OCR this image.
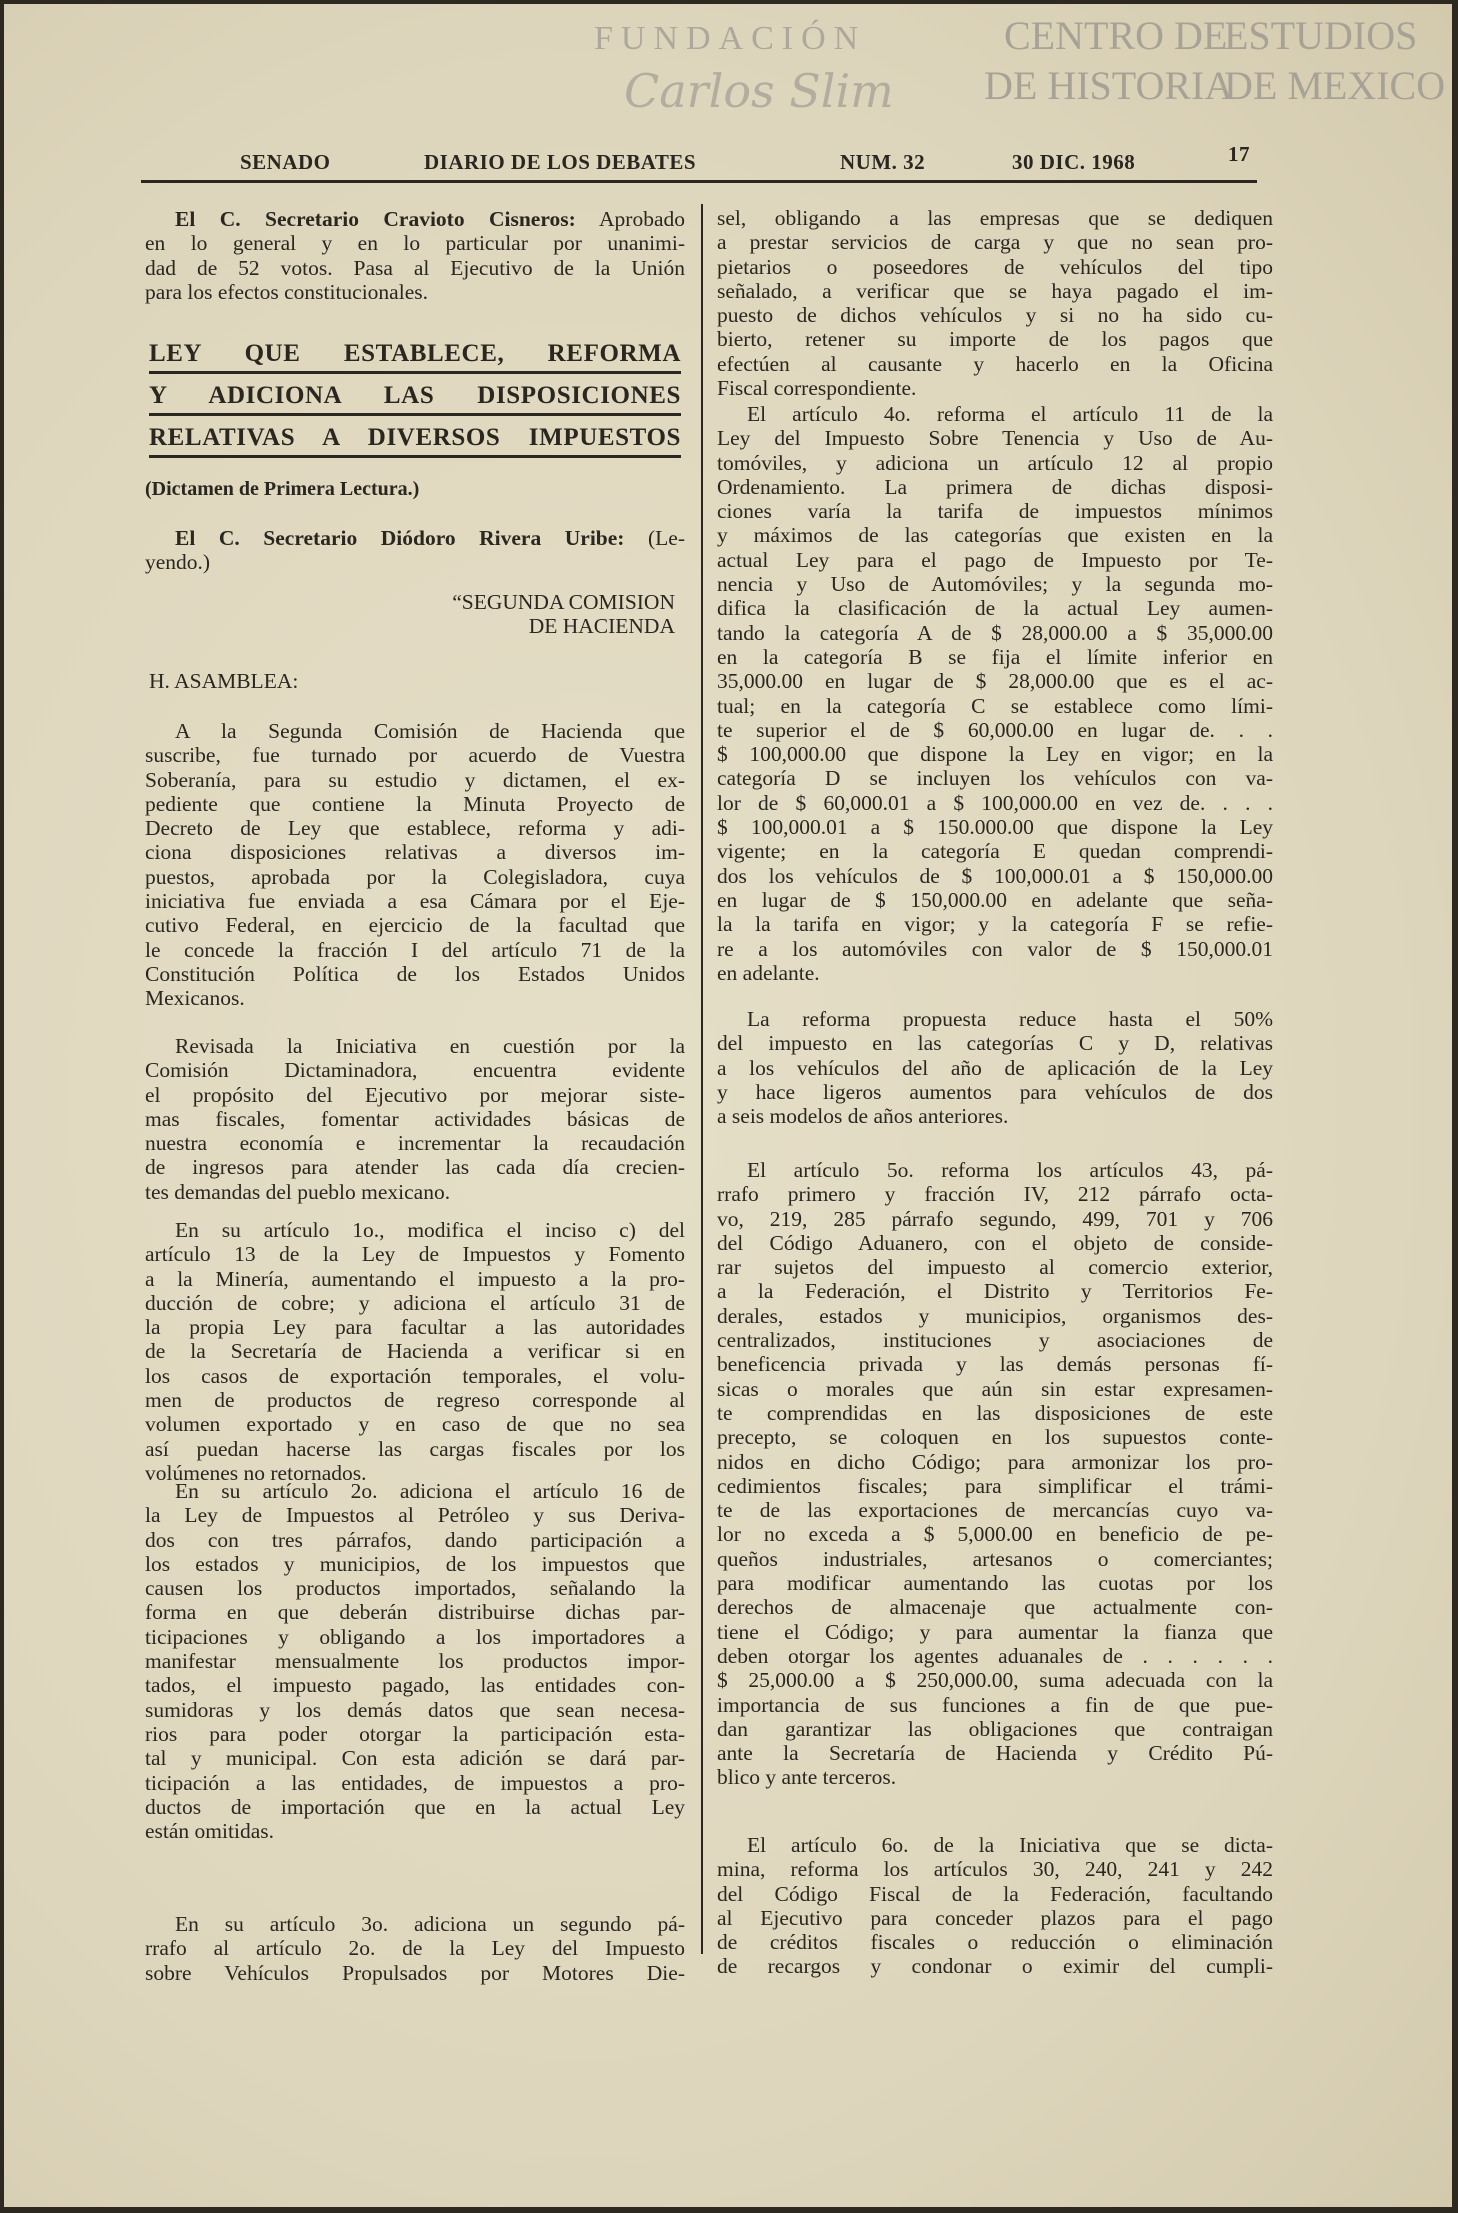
CENTRO DE
ESTUDIOS
DE HISTORIA
DE MEXICO
FUNDACIÓN
Carlos Slim
SENADO	DIARIO DE LOS DEBATES	NUM. 32	30 DIC. 1968	17
El C. Secretario Cravioto Cisneros: Aprobado
en lo general y en lo particular por unanimi-
dad de 52 votos. Pasa al Ejecutivo de la Unión
para los efectos constitucionales.
LEY QUE ESTABLECE, REFORMA
Y ADICIONA LAS DISPOSICIONES
RELATIVAS A DIVERSOS IMPUESTOS
(Dictamen de Primera Lectura.)
El C. Secretario Diódoro Rivera Uribe: (Le-
yendo.)
“SEGUNDA COMISION
DE HACIENDA
H. ASAMBLEA:
A la Segunda Comisión de Hacienda que
suscribe, fue turnado por acuerdo de Vuestra
Soberanía, para su estudio y dictamen, el ex-
pediente que contiene la Minuta Proyecto de
Decreto de Ley que establece, reforma y adi-
ciona disposiciones relativas a diversos im-
puestos, aprobada por la Colegisladora, cuya
iniciativa fue enviada a esa Cámara por el Eje-
cutivo Federal, en ejercicio de la facultad que
le concede la fracción I del artículo 71 de la
Constitución Política de los Estados Unidos
Mexicanos.
Revisada la Iniciativa en cuestión por la
Comisión Dictaminadora, encuentra evidente
el propósito del Ejecutivo por mejorar siste-
mas fiscales, fomentar actividades básicas de
nuestra economía e incrementar la recaudación
de ingresos para atender las cada día crecien-
tes demandas del pueblo mexicano.
En su artículo 1o., modifica el inciso c) del
artículo 13 de la Ley de Impuestos y Fomento
a la Minería, aumentando el impuesto a la pro-
ducción de cobre; y adiciona el artículo 31 de
la propia Ley para facultar a las autoridades
de la Secretaría de Hacienda a verificar si en
los casos de exportación temporales, el volu-
men de productos de regreso corresponde al
volumen exportado y en caso de que no sea
así puedan hacerse las cargas fiscales por los
volúmenes no retornados.
En su artículo 2o. adiciona el artículo 16 de
la Ley de Impuestos al Petróleo y sus Deriva-
dos con tres párrafos, dando participación a
los estados y municipios, de los impuestos que
causen los productos importados, señalando la
forma en que deberán distribuirse dichas par-
ticipaciones y obligando a los importadores a
manifestar mensualmente los productos impor-
tados, el impuesto pagado, las entidades con-
sumidoras y los demás datos que sean necesa-
rios para poder otorgar la participación esta-
tal y municipal. Con esta adición se dará par-
ticipación a las entidades, de impuestos a pro-
ductos de importación que en la actual Ley
están omitidas.
En su artículo 3o. adiciona un segundo pá-
rrafo al artículo 2o. de la Ley del Impuesto
sobre Vehículos Propulsados por Motores Die-
sel, obligando a las empresas que se dediquen
a prestar servicios de carga y que no sean pro-
pietarios o poseedores de vehículos del tipo
señalado, a verificar que se haya pagado el im-
puesto de dichos vehículos y si no ha sido cu-
bierto, retener su importe de los pagos que
efectúen al causante y hacerlo en la Oficina
Fiscal correspondiente.
El artículo 4o. reforma el artículo 11 de la
Ley del Impuesto Sobre Tenencia y Uso de Au-
tomóviles, y adiciona un artículo 12 al propio
Ordenamiento. La primera de dichas disposi-
ciones varía la tarifa de impuestos mínimos
y máximos de las categorías que existen en la
actual Ley para el pago de Impuesto por Te-
nencia y Uso de Automóviles; y la segunda mo-
difica la clasificación de la actual Ley aumen-
tando la categoría A de $ 28,000.00 a $ 35,000.00
en la categoría B se fija el límite inferior en
35,000.00 en lugar de $ 28,000.00 que es el ac-
tual; en la categoría C se establece como lími-
te superior el de $ 60,000.00 en lugar de. . .
$ 100,000.00 que dispone la Ley en vigor; en la
categoría D se incluyen los vehículos con va-
lor de $ 60,000.01 a $ 100,000.00 en vez de. . . .
$ 100,000.01 a $ 150.000.00 que dispone la Ley
vigente; en la categoría E quedan comprendi-
dos los vehículos de $ 100,000.01 a $ 150,000.00
en lugar de $ 150,000.00 en adelante que seña-
la la tarifa en vigor; y la categoría F se refie-
re a los automóviles con valor de $ 150,000.01
en adelante.
La reforma propuesta reduce hasta el 50%
del impuesto en las categorías C y D, relativas
a los vehículos del año de aplicación de la Ley
y hace ligeros aumentos para vehículos de dos
a seis modelos de años anteriores.
El artículo 5o. reforma los artículos 43, pá-
rrafo primero y fracción IV, 212 párrafo octa-
vo, 219, 285 párrafo segundo, 499, 701 y 706
del Código Aduanero, con el objeto de conside-
rar sujetos del impuesto al comercio exterior,
a la Federación, el Distrito y Territorios Fe-
derales, estados y municipios, organismos des-
centralizados, instituciones y asociaciones de
beneficencia privada y las demás personas fí-
sicas o morales que aún sin estar expresamen-
te comprendidas en las disposiciones de este
precepto, se coloquen en los supuestos conte-
nidos en dicho Código; para armonizar los pro-
cedimientos fiscales; para simplificar el trámi-
te de las exportaciones de mercancías cuyo va-
lor no exceda a $ 5,000.00 en beneficio de pe-
queños industriales, artesanos o comerciantes;
para modificar aumentando las cuotas por los
derechos de almacenaje que actualmente con-
tiene el Código; y para aumentar la fianza que
deben otorgar los agentes aduanales de . . . . . .
$ 25,000.00 a $ 250,000.00, suma adecuada con la
importancia de sus funciones a fin de que pue-
dan garantizar las obligaciones que contraigan
ante la Secretaría de Hacienda y Crédito Pú-
blico y ante terceros.
El artículo 6o. de la Iniciativa que se dicta-
mina, reforma los artículos 30, 240, 241 y 242
del Código Fiscal de la Federación, facultando
al Ejecutivo para conceder plazos para el pago
de créditos fiscales o reducción o eliminación
de recargos y condonar o eximir del cumpli-
